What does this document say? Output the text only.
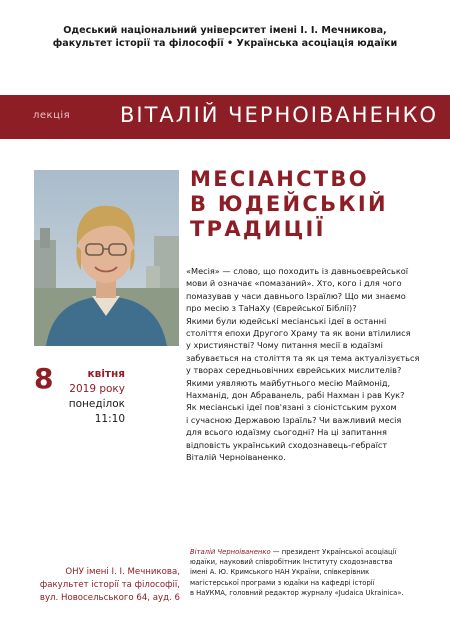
Одеський національний університет імені І. І. Мечникова,
факультет історії та філософії • Українська асоціація юдаїки
лекція ВІТАЛІЙ ЧЕРНОІВАНЕНКО
МЕСІАНСТВО
В ЮДЕЙСЬКІЙ
ТРАДИЦІЇ
«Месія» — слово, що походить із давньоєврейської
мови й означає «помазаний». Хто, кого і для чого
помазував у часи давнього Ізраїлю? Що ми знаємо
про месію з ТаНаХу (Єврейської Біблії)?
Якими були юдейські месіанські ідеї в останні
століття епохи Другого Храму та як вони втілилися
у християнстві? Чому питання месії в юдаїзмі
забувається на століття та як ця тема актуалізується
у творах середньовічних єврейських мислителів?
Якими уявляють майбутнього месію Маймонід,
Нахманід, дон Абраванель, рабі Нахман і рав Кук?
Як месіанські ідеї пов'язані з сіоністським рухом
і сучасною Державою Ізраїль? Чи важливий месія
для всього юдаїзму сьогодні? На ці запитання
відповість український сходознавець-гебраїст
Віталій Черноіваненко.
8	квітня
2019 року
понеділок
11:10
ОНУ імені І. І. Мечникова,
факультет історії та філософії,
вул. Новосельського 64, ауд. 6
Віталій Черноіваненко — президент Української асоціації
юдаїки, науковий співробітник Інституту сходознавства
імені А. Ю. Кримського НАН України, співкерівник
магістерської програми з юдаїки на кафедрі історії
в НаУКМА, головний редактор журналу «Judaica Ukrainica».
